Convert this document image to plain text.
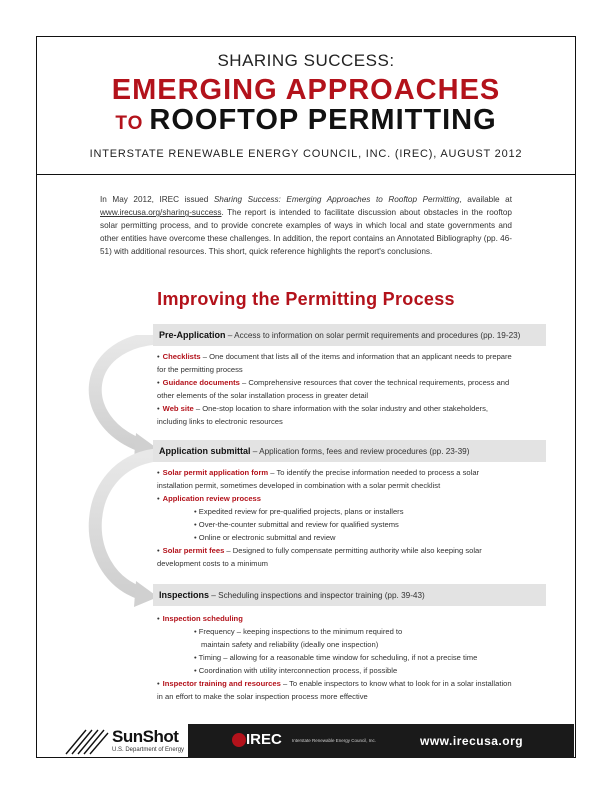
SHARING SUCCESS:
EMERGING APPROACHES
TO ROOFTOP PERMITTING
INTERSTATE RENEWABLE ENERGY COUNCIL, INC. (IREC), AUGUST 2012
In May 2012, IREC issued Sharing Success: Emerging Approaches to Rooftop Permitting, available at www.irecusa.org/sharing-success. The report is intended to facilitate discussion about obstacles in the rooftop solar permitting process, and to provide concrete examples of ways in which local and state governments and other entities have overcome these challenges. In addition, the report contains an Annotated Bibliography (pp. 46-51) with additional resources. This short, quick reference highlights the report's conclusions.
Improving the Permitting Process
Pre-Application – Access to information on solar permit requirements and procedures (pp. 19-23)
• Checklists – One document that lists all of the items and information that an applicant needs to prepare
for the permitting process
• Guidance documents – Comprehensive resources that cover the technical requirements, process and
other elements of the solar installation process in greater detail
• Web site – One-stop location to share information with the solar industry and other stakeholders,
including links to electronic resources
Application submittal – Application forms, fees and review procedures (pp. 23-39)
• Solar permit application form – To identify the precise information needed to process a solar
installation permit, sometimes developed in combination with a solar permit checklist
• Application review process
• Expedited review for pre-qualified projects, plans or installers
• Over-the-counter submittal and review for qualified systems
• Online or electronic submittal and review
• Solar permit fees – Designed to fully compensate permitting authority while also keeping solar
development costs to a minimum
Inspections – Scheduling inspections and inspector training (pp. 39-43)
• Inspection scheduling
• Frequency – keeping inspections to the minimum required to
maintain safety and reliability (ideally one inspection)
• Timing – allowing for a reasonable time window for scheduling, if not a precise time
• Coordination with utility interconnection process, if possible
• Inspector training and resources – To enable inspectors to know what to look for in a solar installation
in an effort to make the solar inspection process more effective
SunShot
U.S. Department of Energy
IREC Interstate Renewable Energy Council, Inc.	www.irecusa.org
